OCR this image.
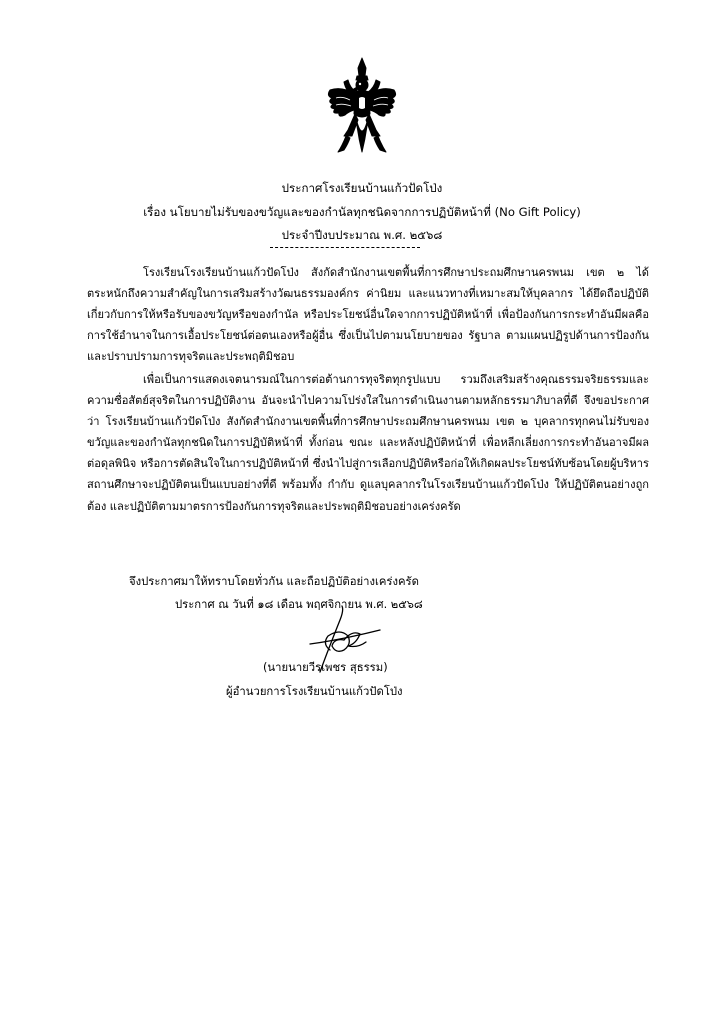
ประกาศโรงเรียนบ้านแก้วปัดโป่ง
เรื่อง นโยบายไม่รับของขวัญและของกำนัลทุกชนิดจากการปฏิบัติหน้าที่ (No Gift Policy)
ประจำปีงบประมาณ พ.ศ. ๒๕๖๘

โรงเรียนโรงเรียนบ้านแก้วปัดโป่ง สังกัดสำนักงานเขตพื้นที่การศึกษาประถมศึกษานครพนม เขต ๒ ได้ตระหนักถึงความสำคัญในการเสริมสร้างวัฒนธรรมองค์กร ค่านิยม และแนวทางที่เหมาะสมให้บุคลากร ได้ยึดถือปฏิบัติเกี่ยวกับการให้หรือรับของขวัญหรือของกำนัล หรือประโยชน์อื่นใดจากการปฏิบัติหน้าที่ เพื่อป้องกันการกระทำอันมีผลคือการใช้อำนาจในการเอื้อประโยชน์ต่อตนเองหรือผู้อื่น ซึ่งเป็นไปตามนโยบายของ รัฐบาล ตามแผนปฏิรูปด้านการป้องกันและปราบปรามการทุจริตและประพฤติมิชอบ

เพื่อเป็นการแสดงเจตนารมณ์ในการต่อต้านการทุจริตทุกรูปแบบ รวมถึงเสริมสร้างคุณธรรมจริยธรรมและความซื่อสัตย์สุจริตในการปฏิบัติงาน อันจะนำไปความโปร่งใสในการดำเนินงานตามหลักธรรมาภิบาลที่ดี จึงขอประกาศว่า โรงเรียนบ้านแก้วปัดโป่ง สังกัดสำนักงานเขตพื้นที่การศึกษาประถมศึกษานครพนม เขต ๒ บุคลากรทุกคนไม่รับของขวัญและของกำนัลทุกชนิดในการปฏิบัติหน้าที่ ทั้งก่อน ขณะ และหลังปฏิบัติหน้าที่ เพื่อหลีกเลี่ยงการกระทำอันอาจมีผลต่อดุลพินิจ หรือการตัดสินใจในการปฏิบัติหน้าที่ ซึ่งนำไปสู่การเลือกปฏิบัติหรือก่อให้เกิดผลประโยชน์ทับซ้อนโดยผู้บริหารสถานศึกษาจะปฏิบัติตนเป็นแบบอย่างที่ดี พร้อมทั้ง กำกับ ดูแลบุคลากรในโรงเรียนบ้านแก้วปัดโป่ง ให้ปฏิบัติตนอย่างถูกต้อง และปฏิบัติตามมาตรการป้องกันการทุจริตและประพฤติมิชอบอย่างเคร่งครัด

จึงประกาศมาให้ทราบโดยทั่วกัน และถือปฏิบัติอย่างเคร่งครัด
ประกาศ ณ วันที่ ๑๘ เดือน พฤศจิกายน พ.ศ. ๒๕๖๘
(นายนายวีรเพชร สุธรรม)
ผู้อำนวยการโรงเรียนบ้านแก้วปัดโป่ง
